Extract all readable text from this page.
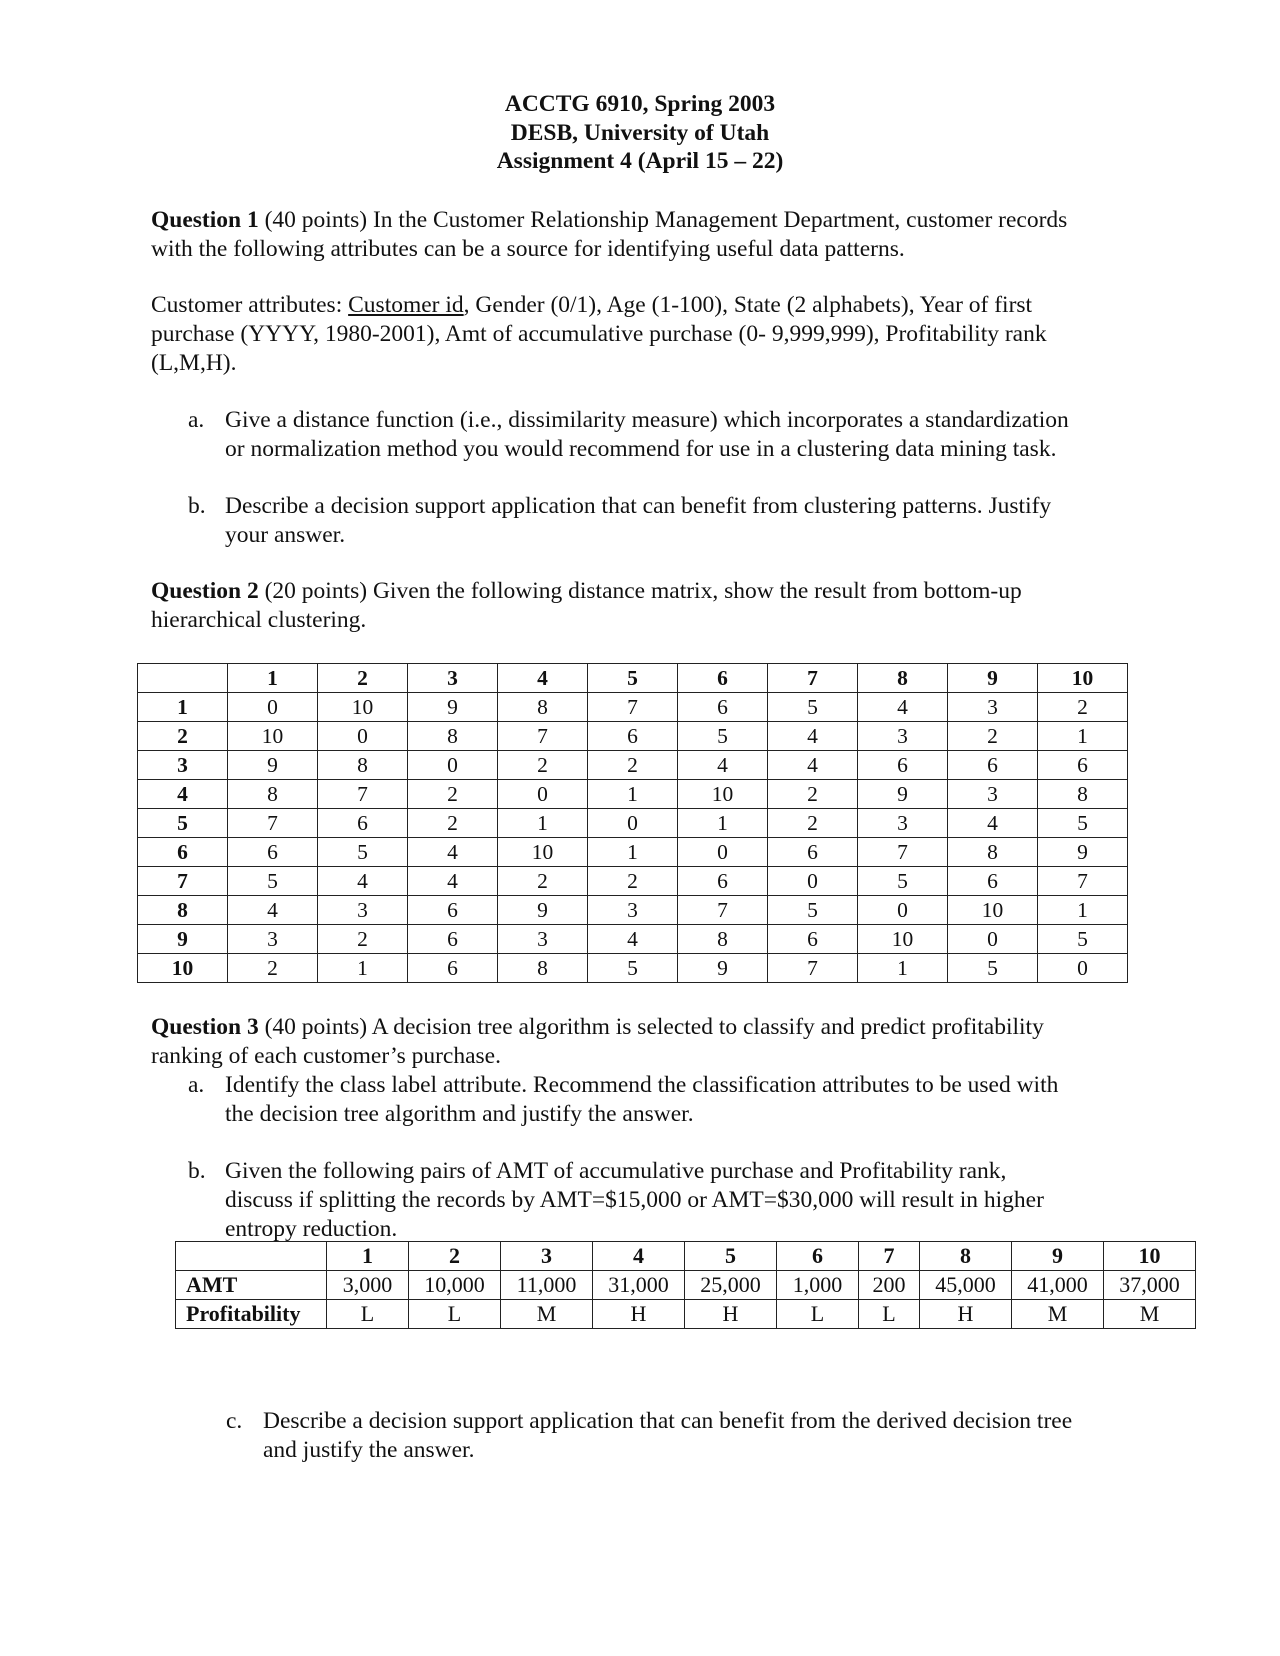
ACCTG 6910, Spring 2003
DESB, University of Utah
Assignment 4 (April 15 – 22)
Question 1 (40 points) In the Customer Relationship Management Department, customer records
with the following attributes can be a source for identifying useful data patterns.
Customer attributes: Customer id, Gender (0/1), Age (1-100), State (2 alphabets), Year of first
purchase (YYYY, 1980-2001), Amt of accumulative purchase (0- 9,999,999), Profitability rank
(L,M,H).
a. Give a distance function (i.e., dissimilarity measure) which incorporates a standardization
or normalization method you would recommend for use in a clustering data mining task.
b. Describe a decision support application that can benefit from clustering patterns. Justify
your answer.
Question 2 (20 points) Given the following distance matrix, show the result from bottom-up
hierarchical clustering.
	1	2	3	4	5	6	7	8	9	10
1	0	10	9	8	7	6	5	4	3	2
2	10	0	8	7	6	5	4	3	2	1
3	9	8	0	2	2	4	4	6	6	6
4	8	7	2	0	1	10	2	9	3	8
5	7	6	2	1	0	1	2	3	4	5
6	6	5	4	10	1	0	6	7	8	9
7	5	4	4	2	2	6	0	5	6	7
8	4	3	6	9	3	7	5	0	10	1
9	3	2	6	3	4	8	6	10	0	5
10	2	1	6	8	5	9	7	1	5	0
Question 3 (40 points) A decision tree algorithm is selected to classify and predict profitability
ranking of each customer’s purchase.
a. Identify the class label attribute. Recommend the classification attributes to be used with
the decision tree algorithm and justify the answer.
b. Given the following pairs of AMT of accumulative purchase and Profitability rank,
discuss if splitting the records by AMT=$15,000 or AMT=$30,000 will result in higher
entropy reduction.
	1	2	3	4	5	6	7	8	9	10
AMT	3,000	10,000	11,000	31,000	25,000	1,000	200	45,000	41,000	37,000
Profitability	L	L	M	H	H	L	L	H	M	M
c. Describe a decision support application that can benefit from the derived decision tree
and justify the answer.
